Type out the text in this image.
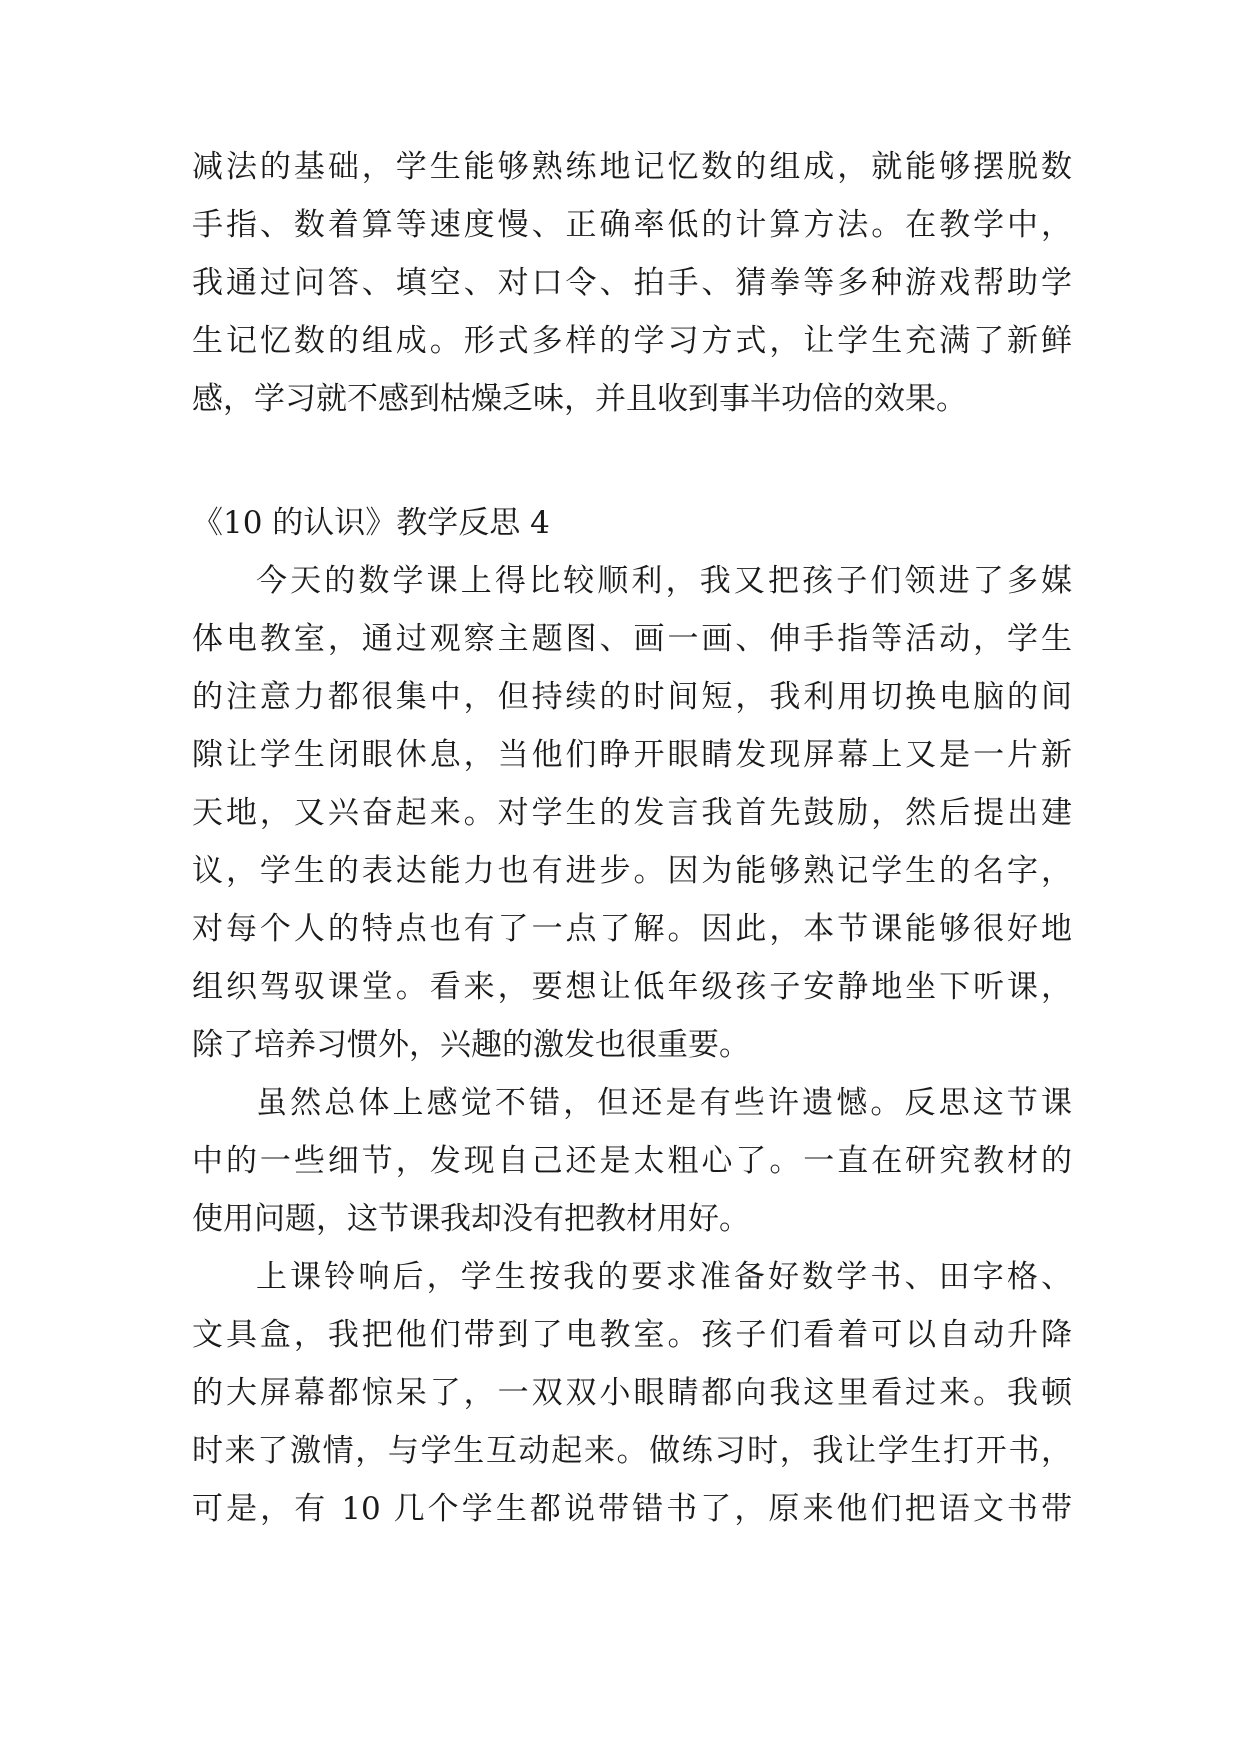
减法的基础，学生能够熟练地记忆数的组成，就能够摆脱数
手指、数着算等速度慢、正确率低的计算方法。在教学中，
我通过问答、填空、对口令、拍手、猜拳等多种游戏帮助学
生记忆数的组成。形式多样的学习方式，让学生充满了新鲜
感，学习就不感到枯燥乏味，并且收到事半功倍的效果。
《10 的认识》教学反思 4
今天的数学课上得比较顺利，我又把孩子们领进了多媒
体电教室，通过观察主题图、画一画、伸手指等活动，学生
的注意力都很集中，但持续的时间短，我利用切换电脑的间
隙让学生闭眼休息，当他们睁开眼睛发现屏幕上又是一片新
天地，又兴奋起来。对学生的发言我首先鼓励，然后提出建
议，学生的表达能力也有进步。因为能够熟记学生的名字，
对每个人的特点也有了一点了解。因此，本节课能够很好地
组织驾驭课堂。看来，要想让低年级孩子安静地坐下听课，
除了培养习惯外，兴趣的激发也很重要。
虽然总体上感觉不错，但还是有些许遗憾。反思这节课
中的一些细节，发现自己还是太粗心了。一直在研究教材的
使用问题，这节课我却没有把教材用好。
上课铃响后，学生按我的要求准备好数学书、田字格、
文具盒，我把他们带到了电教室。孩子们看着可以自动升降
的大屏幕都惊呆了，一双双小眼睛都向我这里看过来。我顿
时来了激情，与学生互动起来。做练习时，我让学生打开书，
可是，有 10 几个学生都说带错书了，原来他们把语文书带
